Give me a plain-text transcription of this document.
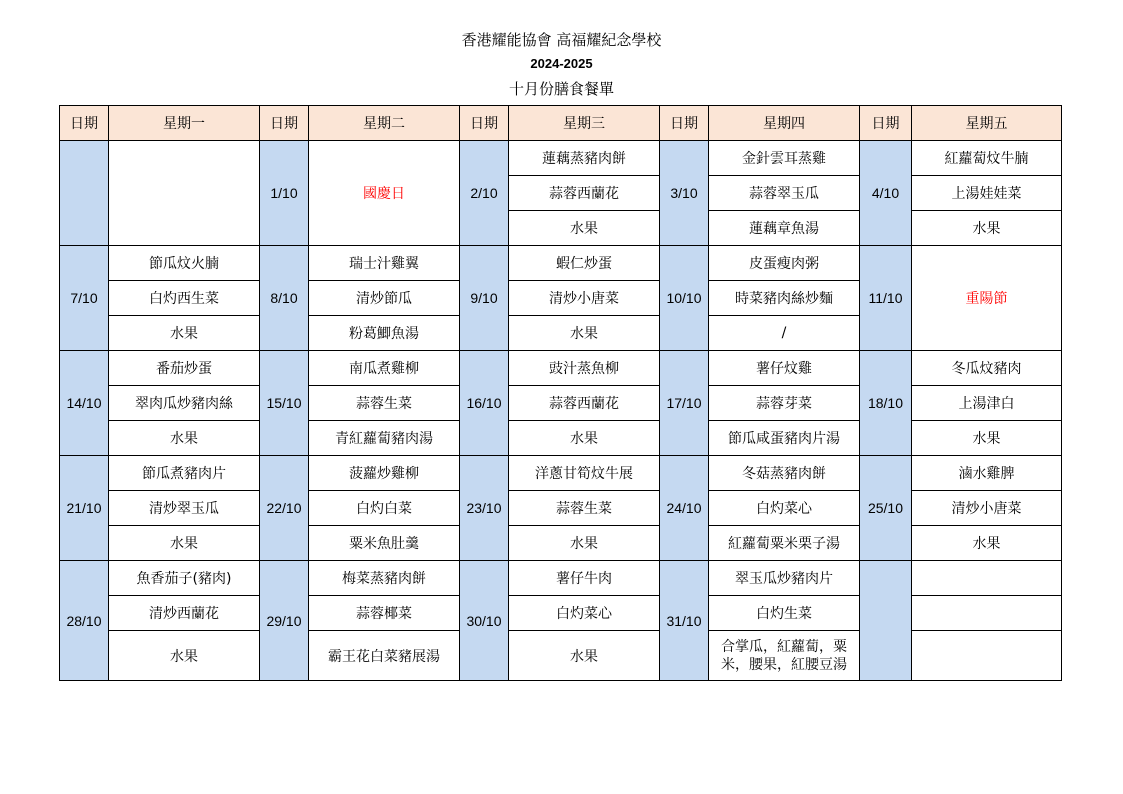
香港耀能協會 高福耀紀念學校
2024-2025
十月份膳食餐單
日期	星期一	日期	星期二	日期	星期三	日期	星期四	日期	星期五
		1/10	國慶日	2/10	蓮藕蒸豬肉餅	3/10	金針雲耳蒸雞	4/10	紅蘿蔔炆牛腩
					蒜蓉西蘭花		蒜蓉翠玉瓜		上湯娃娃菜
					水果		蓮藕章魚湯		水果
7/10	節瓜炆火腩	8/10	瑞士汁雞翼	9/10	蝦仁炒蛋	10/10	皮蛋瘦肉粥	11/10	重陽節
	白灼西生菜		清炒節瓜		清炒小唐菜		時菜豬肉絲炒麵		
	水果		粉葛鯽魚湯		水果		/		
14/10	番茄炒蛋	15/10	南瓜煮雞柳	16/10	豉汁蒸魚柳	17/10	薯仔炆雞	18/10	冬瓜炆豬肉
	翠肉瓜炒豬肉絲		蒜蓉生菜		蒜蓉西蘭花		蒜蓉芽菜		上湯津白
	水果		青紅蘿蔔豬肉湯		水果		節瓜咸蛋豬肉片湯		水果
21/10	節瓜煮豬肉片	22/10	菠蘿炒雞柳	23/10	洋蔥甘筍炆牛展	24/10	冬菇蒸豬肉餅	25/10	滷水雞脾
	清炒翠玉瓜		白灼白菜		蒜蓉生菜		白灼菜心		清炒小唐菜
	水果		粟米魚肚羹		水果		紅蘿蔔粟米栗子湯		水果
28/10	魚香茄子(豬肉)	29/10	梅菜蒸豬肉餅	30/10	薯仔牛肉	31/10	翠玉瓜炒豬肉片		
	清炒西蘭花		蒜蓉椰菜		白灼菜心		白灼生菜		
	水果		霸王花白菜豬展湯		水果		合掌瓜，紅蘿蔔，粟米，腰果，紅腰豆湯		
